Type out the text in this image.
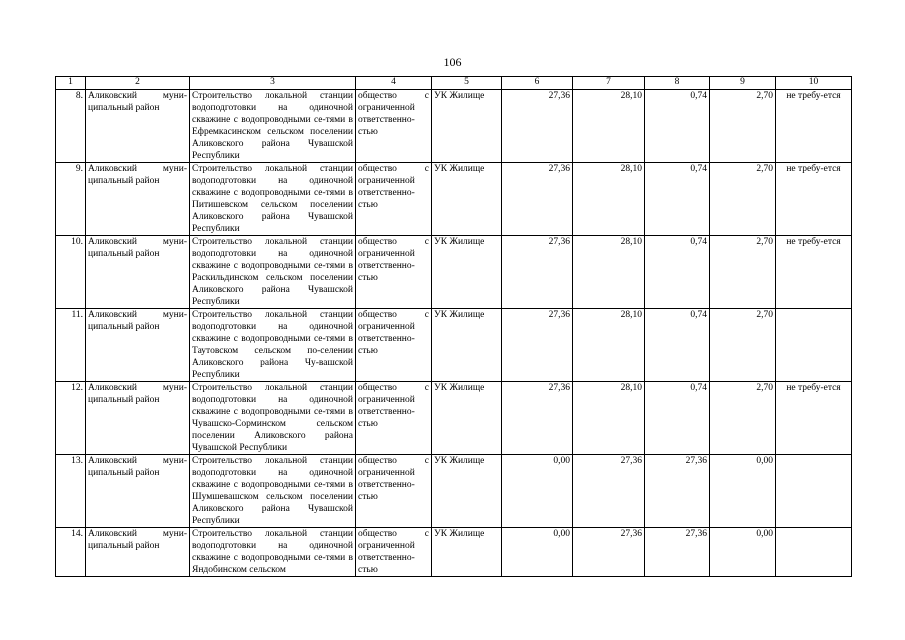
106
1	2	3	4	5	6	7	8	9	10
8.	Аликовский муни-ципальный район	Строительство локальной станции водоподготовки на одиночной скважине с водопроводными се-тями в Ефремкасинском сельском поселении Аликовского района Чувашской Республики	общество с ограниченной ответственно-стью	УК Жилище	27,36	28,10	0,74	2,70	не требу-ется
9.	Аликовский муни-ципальный район	Строительство локальной станции водоподготовки на одиночной скважине с водопроводными се-тями в Питишевском сельском поселении Аликовского района Чувашской Республики	общество с ограниченной ответственно-стью	УК Жилище	27,36	28,10	0,74	2,70	не требу-ется
10.	Аликовский муни-ципальный район	Строительство локальной станции водоподготовки на одиночной скважине с водопроводными се-тями в Раскильдинском сельском поселении Аликовского района Чувашской Республики	общество с ограниченной ответственно-стью	УК Жилище	27,36	28,10	0,74	2,70	не требу-ется
11.	Аликовский муни-ципальный район	Строительство локальной станции водоподготовки на одиночной скважине с водопроводными се-тями в Таутовском сельском по-селении Аликовского района Чу-вашской Республики	общество с ограниченной ответственно-стью	УК Жилище	27,36	28,10	0,74	2,70	
12.	Аликовский муни-ципальный район	Строительство локальной станции водоподготовки на одиночной скважине с водопроводными се-тями в Чувашско-Сорминском сельском поселении Аликовского района Чувашской Республики	общество с ограниченной ответственно-стью	УК Жилище	27,36	28,10	0,74	2,70	не требу-ется
13.	Аликовский муни-ципальный район	Строительство локальной станции водоподготовки на одиночной скважине с водопроводными се-тями в Шумшевашском сельском поселении Аликовского района Чувашской Республики	общество с ограниченной ответственно-стью	УК Жилище	0,00	27,36	27,36	0,00	
14.	Аликовский муни-ципальный район	Строительство локальной станции водоподготовки на одиночной скважине с водопроводными се-тями в Яндобинском сельском	общество с ограниченной ответственно-стью	УК Жилище	0,00	27,36	27,36	0,00	
